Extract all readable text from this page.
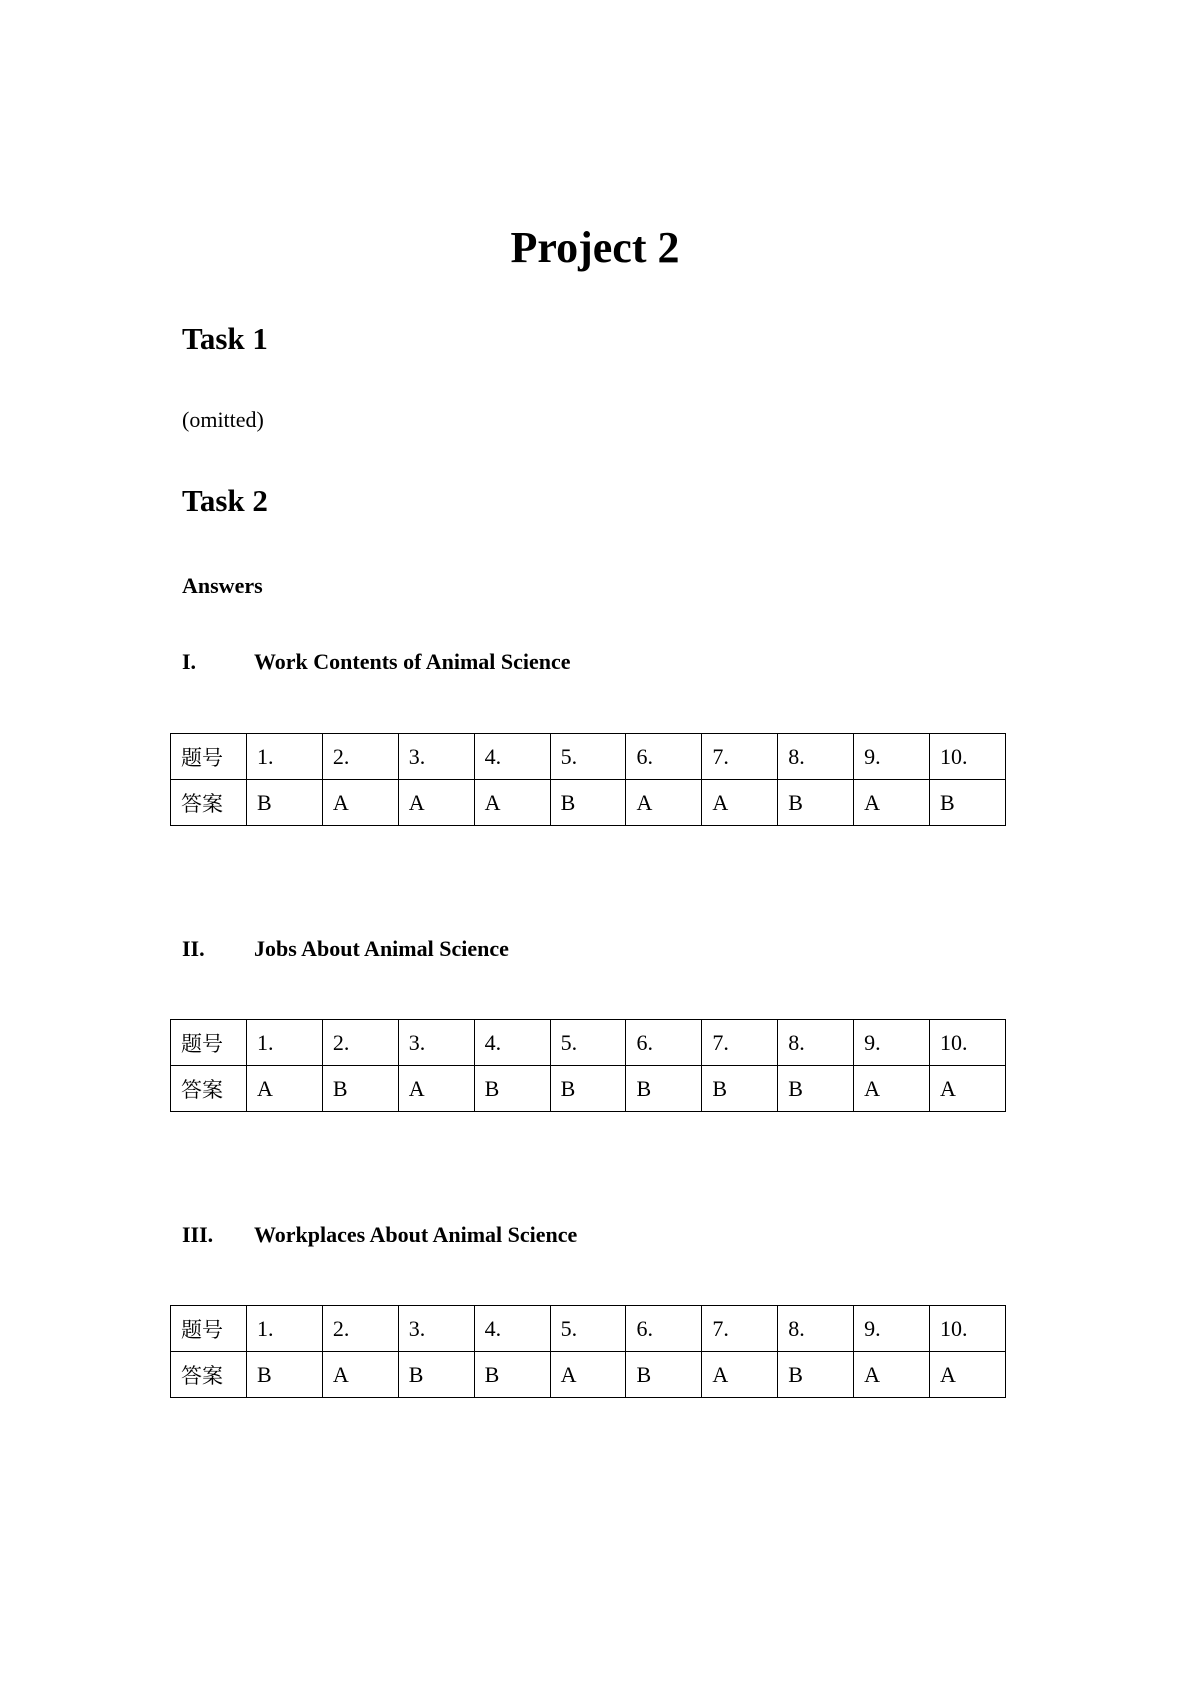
Project 2
Task 1
(omitted)
Task 2
Answers
I.	Work Contents of Animal Science
题号	1.	2.	3.	4.	5.	6.	7.	8.	9.	10.
答案	B	A	A	A	B	A	A	B	A	B
II. Jobs About Animal Science
题号	1.	2.	3.	4.	5.	6.	7.	8.	9.	10.
答案	A	B	A	B	B	B	B	B	A	A
III. Workplaces About Animal Science
题号	1.	2.	3.	4.	5.	6.	7.	8.	9.	10.
答案	B	A	B	B	A	B	A	B	A	A
